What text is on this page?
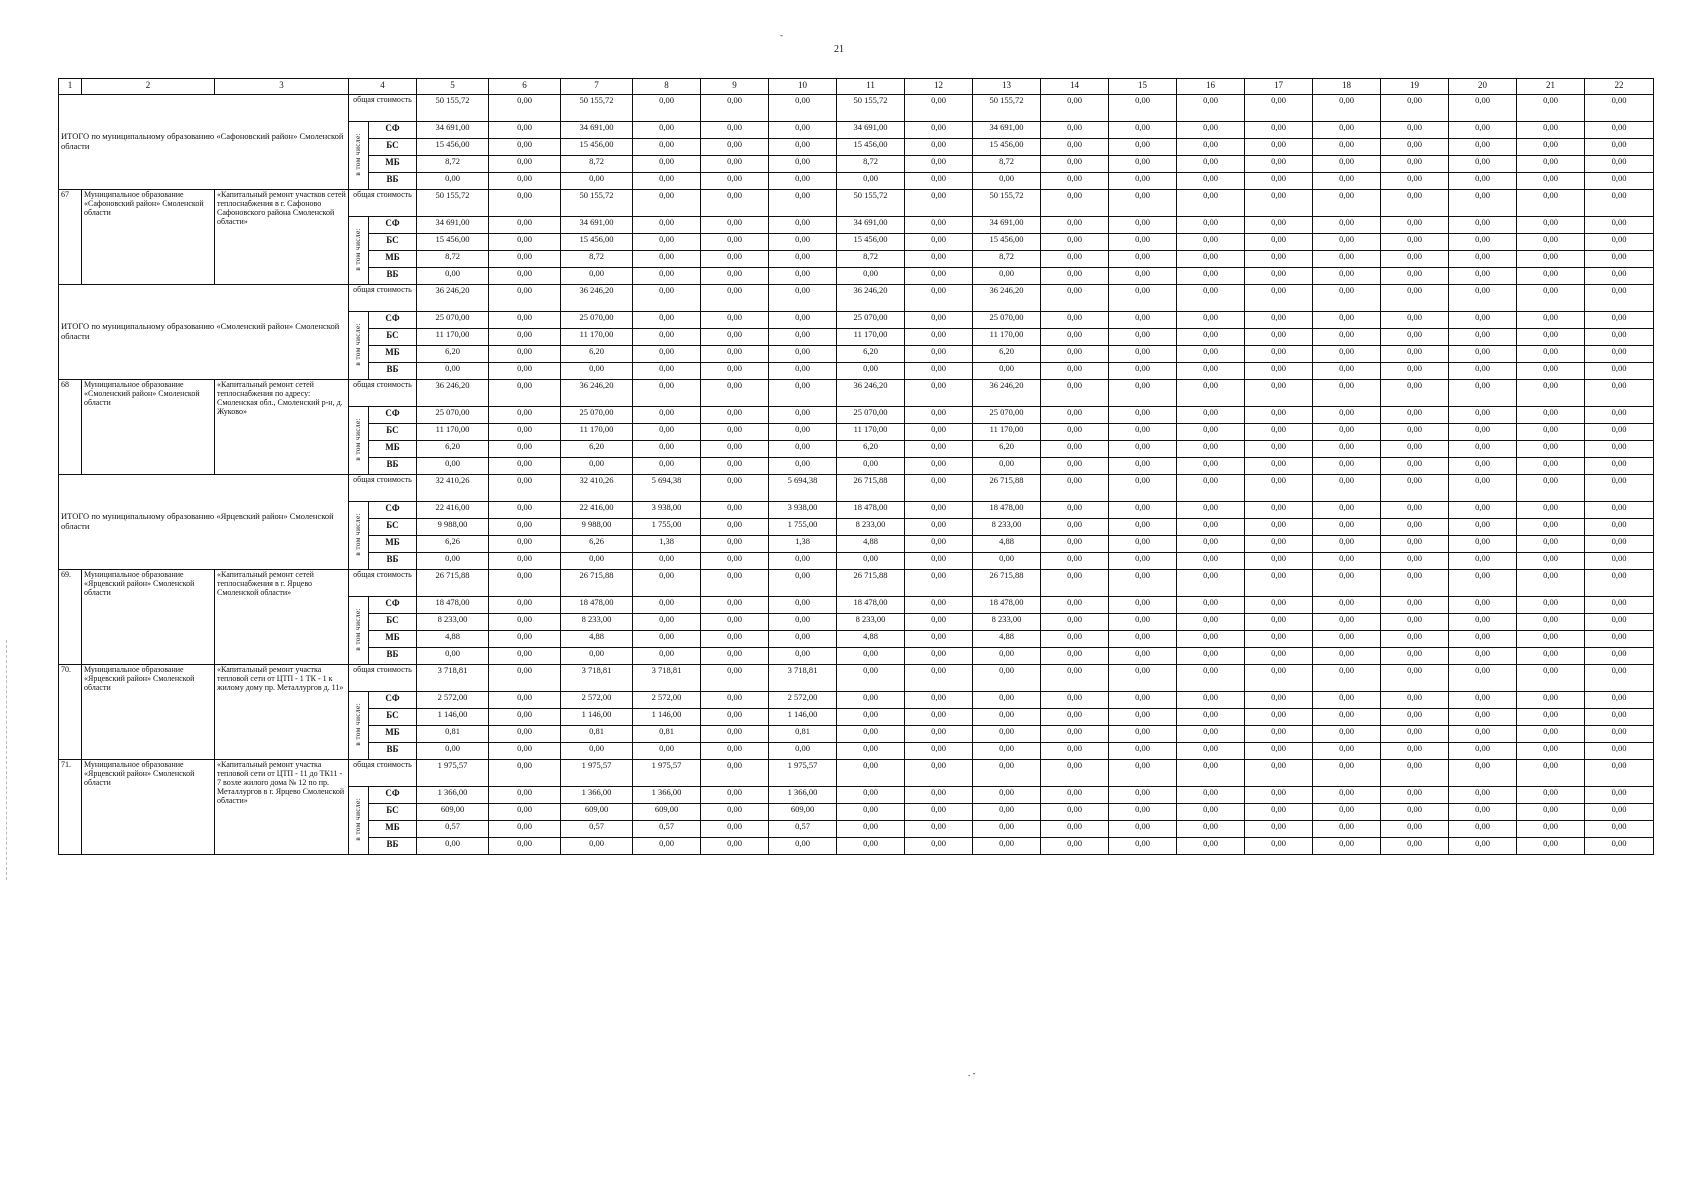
21
-
. -
1	2	3	4		5	6	7	8	9	10	11	12	13	14	15	16	17	18	19	20	21	22
ИТОГО по муниципальному образованию «Сафоновский район» Смоленской области			общая стоимость		50 155,72	0,00	50 155,72	0,00	0,00	0,00	50 155,72	0,00	50 155,72	0,00	0,00	0,00	0,00	0,00	0,00	0,00	0,00	0,00
			в том числе:	СФ	34 691,00	0,00	34 691,00	0,00	0,00	0,00	34 691,00	0,00	34 691,00	0,00	0,00	0,00	0,00	0,00	0,00	0,00	0,00	0,00
				БС	15 456,00	0,00	15 456,00	0,00	0,00	0,00	15 456,00	0,00	15 456,00	0,00	0,00	0,00	0,00	0,00	0,00	0,00	0,00	0,00
				МБ	8,72	0,00	8,72	0,00	0,00	0,00	8,72	0,00	8,72	0,00	0,00	0,00	0,00	0,00	0,00	0,00	0,00	0,00
				ВБ	0,00	0,00	0,00	0,00	0,00	0,00	0,00	0,00	0,00	0,00	0,00	0,00	0,00	0,00	0,00	0,00	0,00	0,00
67	Муниципальное образование «Сафоновский район» Смоленской области	«Капитальный ремонт участков сетей теплоснабжения в г. Сафоново Сафоновского района Смоленской области»	общая стоимость		50 155,72	0,00	50 155,72	0,00	0,00	0,00	50 155,72	0,00	50 155,72	0,00	0,00	0,00	0,00	0,00	0,00	0,00	0,00	0,00
			в том числе:	СФ	34 691,00	0,00	34 691,00	0,00	0,00	0,00	34 691,00	0,00	34 691,00	0,00	0,00	0,00	0,00	0,00	0,00	0,00	0,00	0,00
				БС	15 456,00	0,00	15 456,00	0,00	0,00	0,00	15 456,00	0,00	15 456,00	0,00	0,00	0,00	0,00	0,00	0,00	0,00	0,00	0,00
				МБ	8,72	0,00	8,72	0,00	0,00	0,00	8,72	0,00	8,72	0,00	0,00	0,00	0,00	0,00	0,00	0,00	0,00	0,00
				ВБ	0,00	0,00	0,00	0,00	0,00	0,00	0,00	0,00	0,00	0,00	0,00	0,00	0,00	0,00	0,00	0,00	0,00	0,00
ИТОГО по муниципальному образованию «Смоленский район» Смоленской области			общая стоимость		36 246,20	0,00	36 246,20	0,00	0,00	0,00	36 246,20	0,00	36 246,20	0,00	0,00	0,00	0,00	0,00	0,00	0,00	0,00	0,00
			в том числе:	СФ	25 070,00	0,00	25 070,00	0,00	0,00	0,00	25 070,00	0,00	25 070,00	0,00	0,00	0,00	0,00	0,00	0,00	0,00	0,00	0,00
				БС	11 170,00	0,00	11 170,00	0,00	0,00	0,00	11 170,00	0,00	11 170,00	0,00	0,00	0,00	0,00	0,00	0,00	0,00	0,00	0,00
				МБ	6,20	0,00	6,20	0,00	0,00	0,00	6,20	0,00	6,20	0,00	0,00	0,00	0,00	0,00	0,00	0,00	0,00	0,00
				ВБ	0,00	0,00	0,00	0,00	0,00	0,00	0,00	0,00	0,00	0,00	0,00	0,00	0,00	0,00	0,00	0,00	0,00	0,00
68	Муниципальное образование «Смоленский район» Смоленской области	«Капитальный ремонт сетей теплоснабжения по адресу: Смоленская обл., Смоленский р-н, д. Жуково»	общая стоимость		36 246,20	0,00	36 246,20	0,00	0,00	0,00	36 246,20	0,00	36 246,20	0,00	0,00	0,00	0,00	0,00	0,00	0,00	0,00	0,00
			в том числе:	СФ	25 070,00	0,00	25 070,00	0,00	0,00	0,00	25 070,00	0,00	25 070,00	0,00	0,00	0,00	0,00	0,00	0,00	0,00	0,00	0,00
				БС	11 170,00	0,00	11 170,00	0,00	0,00	0,00	11 170,00	0,00	11 170,00	0,00	0,00	0,00	0,00	0,00	0,00	0,00	0,00	0,00
				МБ	6,20	0,00	6,20	0,00	0,00	0,00	6,20	0,00	6,20	0,00	0,00	0,00	0,00	0,00	0,00	0,00	0,00	0,00
				ВБ	0,00	0,00	0,00	0,00	0,00	0,00	0,00	0,00	0,00	0,00	0,00	0,00	0,00	0,00	0,00	0,00	0,00	0,00
ИТОГО по муниципальному образованию «Ярцевский район» Смоленской области			общая стоимость		32 410,26	0,00	32 410,26	5 694,38	0,00	5 694,38	26 715,88	0,00	26 715,88	0,00	0,00	0,00	0,00	0,00	0,00	0,00	0,00	0,00
			в том числе:	СФ	22 416,00	0,00	22 416,00	3 938,00	0,00	3 938,00	18 478,00	0,00	18 478,00	0,00	0,00	0,00	0,00	0,00	0,00	0,00	0,00	0,00
				БС	9 988,00	0,00	9 988,00	1 755,00	0,00	1 755,00	8 233,00	0,00	8 233,00	0,00	0,00	0,00	0,00	0,00	0,00	0,00	0,00	0,00
				МБ	6,26	0,00	6,26	1,38	0,00	1,38	4,88	0,00	4,88	0,00	0,00	0,00	0,00	0,00	0,00	0,00	0,00	0,00
				ВБ	0,00	0,00	0,00	0,00	0,00	0,00	0,00	0,00	0,00	0,00	0,00	0,00	0,00	0,00	0,00	0,00	0,00	0,00
69.	Муниципальное образование «Ярцевский район» Смоленской области	«Капитальный ремонт сетей теплоснабжения в г. Ярцево Смоленской области»	общая стоимость		26 715,88	0,00	26 715,88	0,00	0,00	0,00	26 715,88	0,00	26 715,88	0,00	0,00	0,00	0,00	0,00	0,00	0,00	0,00	0,00
			в том числе:	СФ	18 478,00	0,00	18 478,00	0,00	0,00	0,00	18 478,00	0,00	18 478,00	0,00	0,00	0,00	0,00	0,00	0,00	0,00	0,00	0,00
				БС	8 233,00	0,00	8 233,00	0,00	0,00	0,00	8 233,00	0,00	8 233,00	0,00	0,00	0,00	0,00	0,00	0,00	0,00	0,00	0,00
				МБ	4,88	0,00	4,88	0,00	0,00	0,00	4,88	0,00	4,88	0,00	0,00	0,00	0,00	0,00	0,00	0,00	0,00	0,00
				ВБ	0,00	0,00	0,00	0,00	0,00	0,00	0,00	0,00	0,00	0,00	0,00	0,00	0,00	0,00	0,00	0,00	0,00	0,00
70.	Муниципальное образование «Ярцевский район» Смоленской области	«Капитальный ремонт участка тепловой сети от ЦТП - 1 ТК - 1 к жилому дому пр. Металлургов д. 11»	общая стоимость		3 718,81	0,00	3 718,81	3 718,81	0,00	3 718,81	0,00	0,00	0,00	0,00	0,00	0,00	0,00	0,00	0,00	0,00	0,00	0,00
			в том числе:	СФ	2 572,00	0,00	2 572,00	2 572,00	0,00	2 572,00	0,00	0,00	0,00	0,00	0,00	0,00	0,00	0,00	0,00	0,00	0,00	0,00
				БС	1 146,00	0,00	1 146,00	1 146,00	0,00	1 146,00	0,00	0,00	0,00	0,00	0,00	0,00	0,00	0,00	0,00	0,00	0,00	0,00
				МБ	0,81	0,00	0,81	0,81	0,00	0,81	0,00	0,00	0,00	0,00	0,00	0,00	0,00	0,00	0,00	0,00	0,00	0,00
				ВБ	0,00	0,00	0,00	0,00	0,00	0,00	0,00	0,00	0,00	0,00	0,00	0,00	0,00	0,00	0,00	0,00	0,00	0,00
71.	Муниципальное образование «Ярцевский район» Смоленской области	«Капитальный ремонт участка тепловой сети от ЦТП - 11 до ТК11 - 7 возле жилого дома № 12 по пр. Металлургов в г. Ярцево Смоленской области»	общая стоимость		1 975,57	0,00	1 975,57	1 975,57	0,00	1 975,57	0,00	0,00	0,00	0,00	0,00	0,00	0,00	0,00	0,00	0,00	0,00	0,00
			в том числе:	СФ	1 366,00	0,00	1 366,00	1 366,00	0,00	1 366,00	0,00	0,00	0,00	0,00	0,00	0,00	0,00	0,00	0,00	0,00	0,00	0,00
				БС	609,00	0,00	609,00	609,00	0,00	609,00	0,00	0,00	0,00	0,00	0,00	0,00	0,00	0,00	0,00	0,00	0,00	0,00
				МБ	0,57	0,00	0,57	0,57	0,00	0,57	0,00	0,00	0,00	0,00	0,00	0,00	0,00	0,00	0,00	0,00	0,00	0,00
				ВБ	0,00	0,00	0,00	0,00	0,00	0,00	0,00	0,00	0,00	0,00	0,00	0,00	0,00	0,00	0,00	0,00	0,00	0,00
